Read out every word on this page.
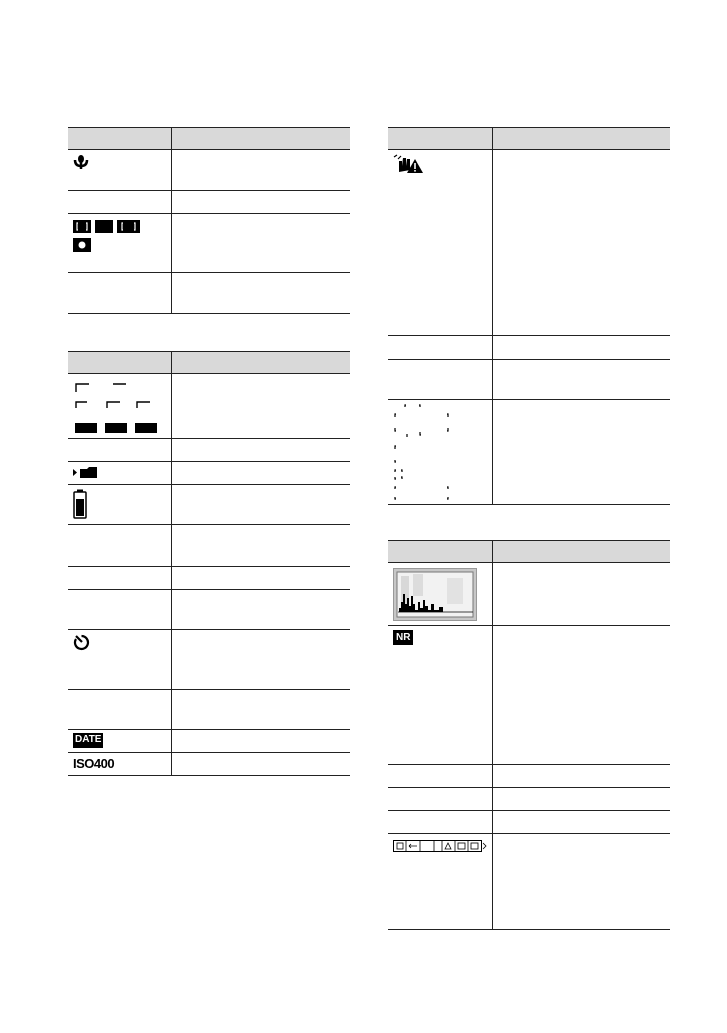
DATE	
ISO400	

NR	
